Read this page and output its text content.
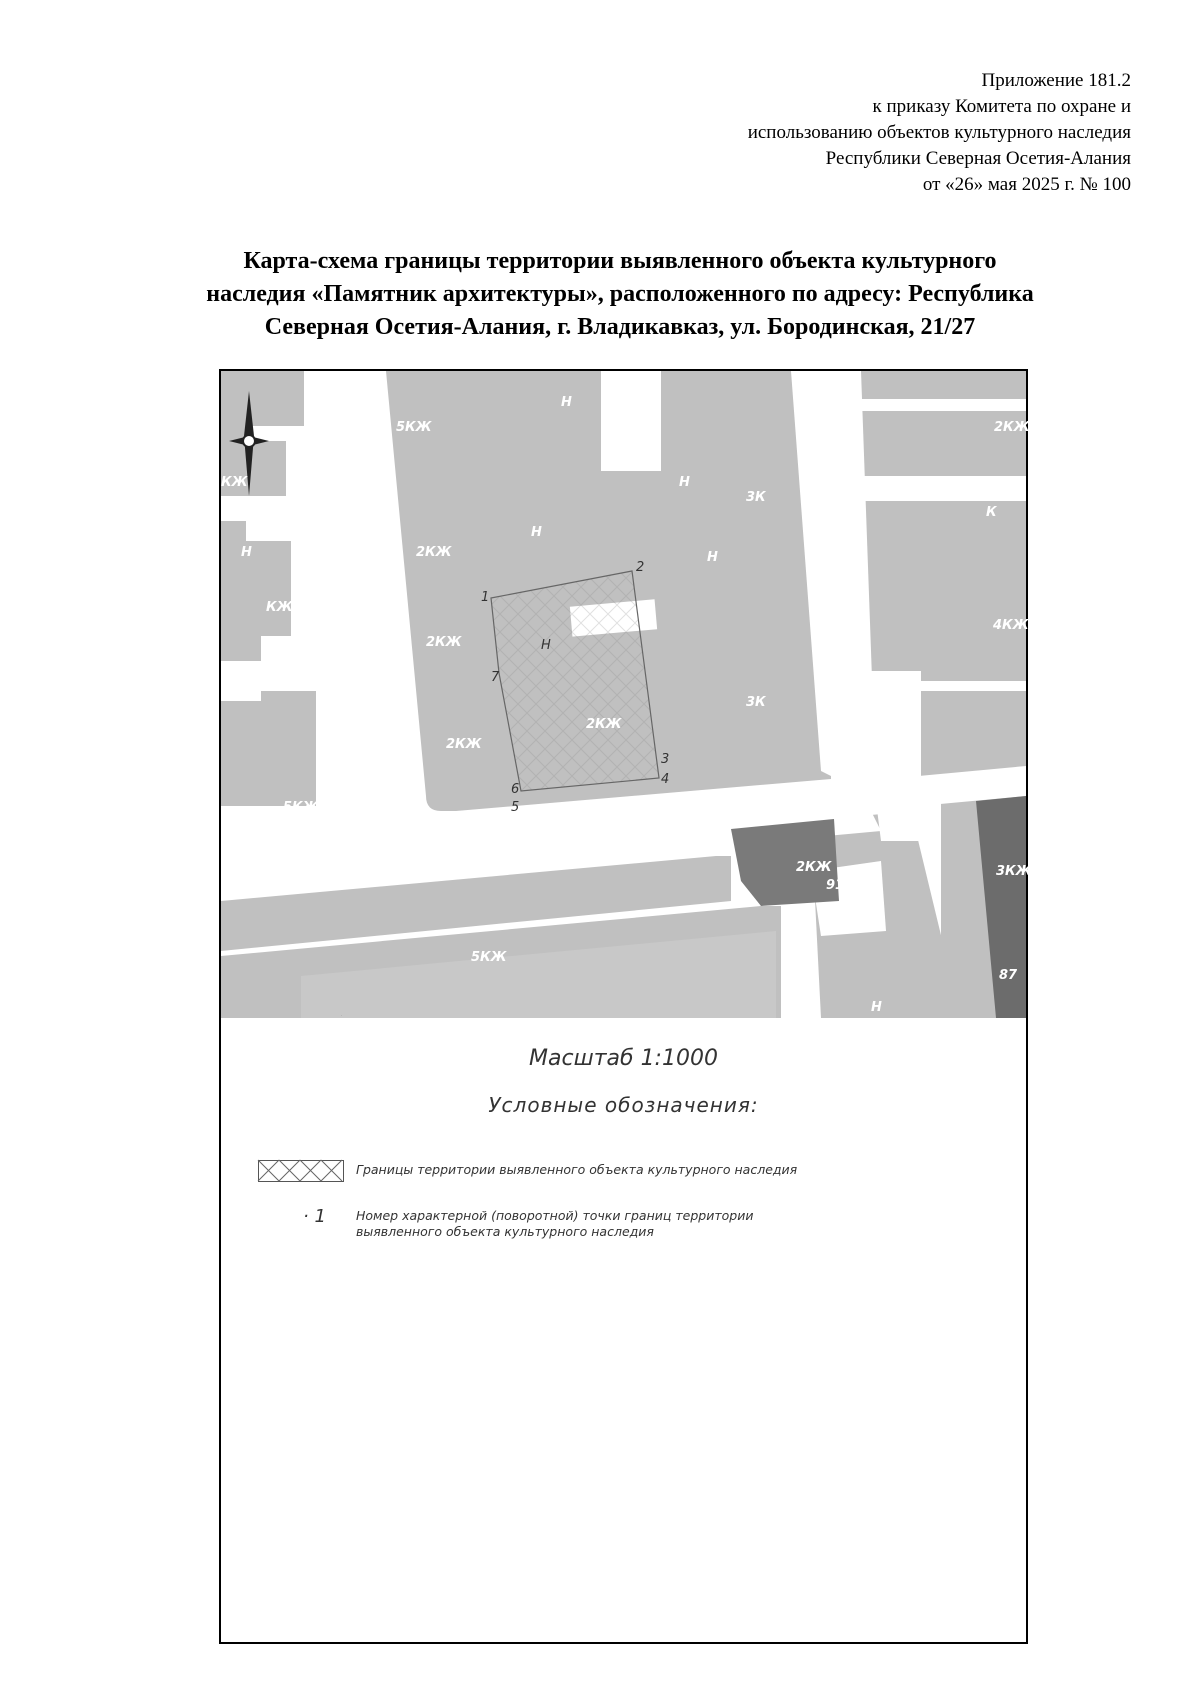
Приложение 181.2
к приказу Комитета по охране и
использованию объектов культурного наследия
Республики Северная Осетия-Алания
от «26» мая 2025 г. № 100
Карта-схема границы территории выявленного объекта культурного
наследия «Памятник архитектуры», расположенного по адресу: Республика
Северная Осетия-Алания, г. Владикавказ, ул. Бородинская, 21/27
Бородинская	5КЖ
Н
Н
Н
Н
3К
3К
КЖ
Н
КЖ
2КЖ
2КЖ
2КЖ
2КЖ
5КЖ
5КЖ
2КЖ
2К
К
4КЖ
2КЖ
91
3КЖ
87
Н
Н
Н
1
2
3
4
5
6
7
Масштаб 1:1000
Условные обозначения:
Границы территории выявленного объекта культурного наследия
· 1	Номер характерной (поворотной) точки границ территории
выявленного объекта культурного наследия
